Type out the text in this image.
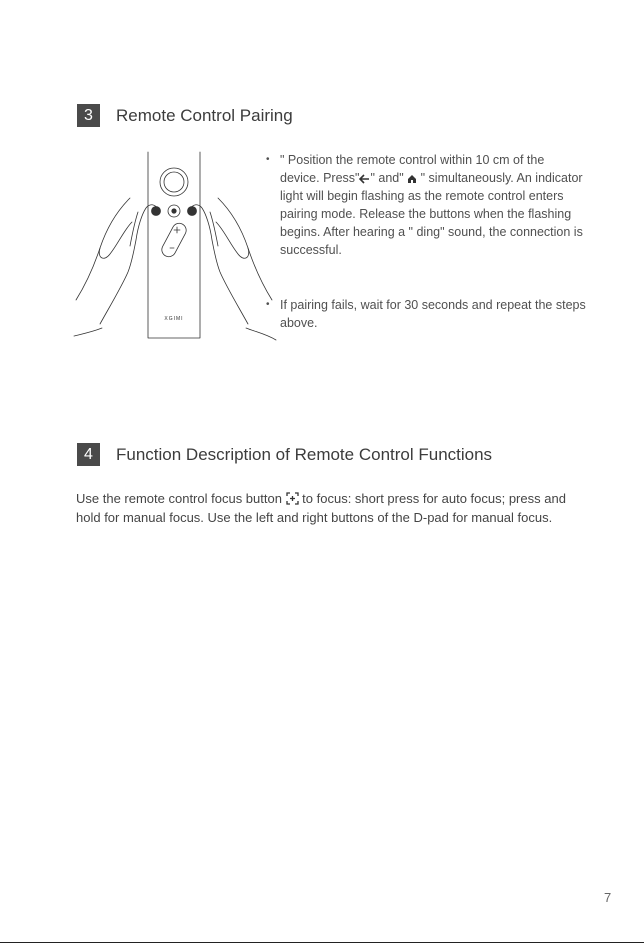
3	Remote Control Pairing
XGIMI
• " Position the remote control within 10 cm of the device. Press" " and"  " simultaneously. An indicator light will begin flashing as the remote control enters pairing mode. Release the buttons when the flashing begins. After hearing a " ding" sound, the connection is successful.
• If pairing fails, wait for 30 seconds and repeat the steps above.
4	Function Description of Remote Control Functions
Use the remote control focus button  to focus: short press for auto focus; press and hold for manual focus. Use the left and right buttons of the D-pad for manual focus.
7
